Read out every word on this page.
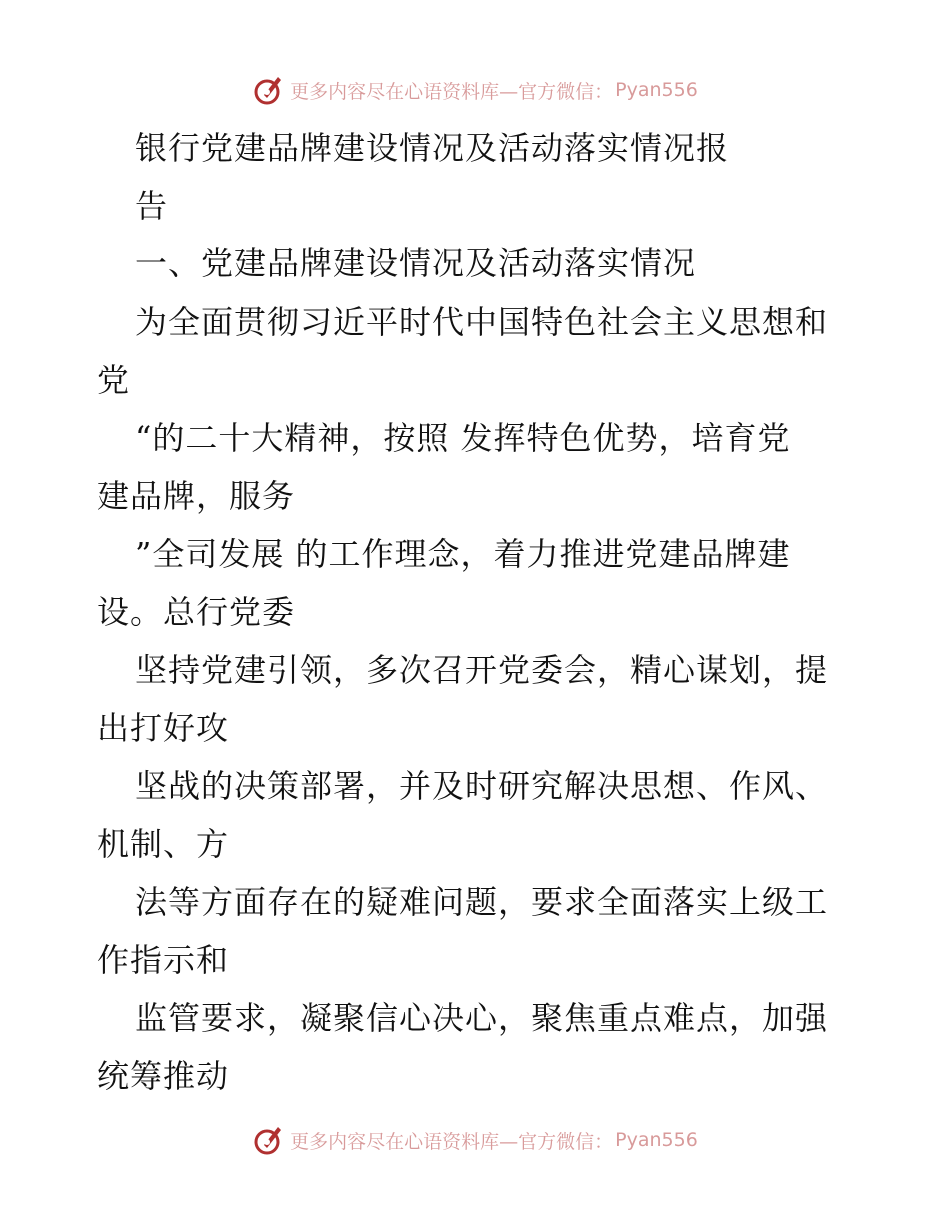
更多内容尽在心语资料库—官方微信： Pyan556
银行党建品牌建设情况及活动落实情况报
告
一、党建品牌建设情况及活动落实情况
为全面贯彻习近平时代中国特色社会主义思想和
党
“的二十大精神，按照 发挥特色优势，培育党
建品牌，服务
”全司发展 的工作理念，着力推进党建品牌建
设。总行党委
坚持党建引领，多次召开党委会，精心谋划，提
出打好攻
坚战的决策部署，并及时研究解决思想、作风、
机制、方
法等方面存在的疑难问题，要求全面落实上级工
作指示和
监管要求，凝聚信心决心，聚焦重点难点，加强
统筹推动
更多内容尽在心语资料库—官方微信： Pyan556
